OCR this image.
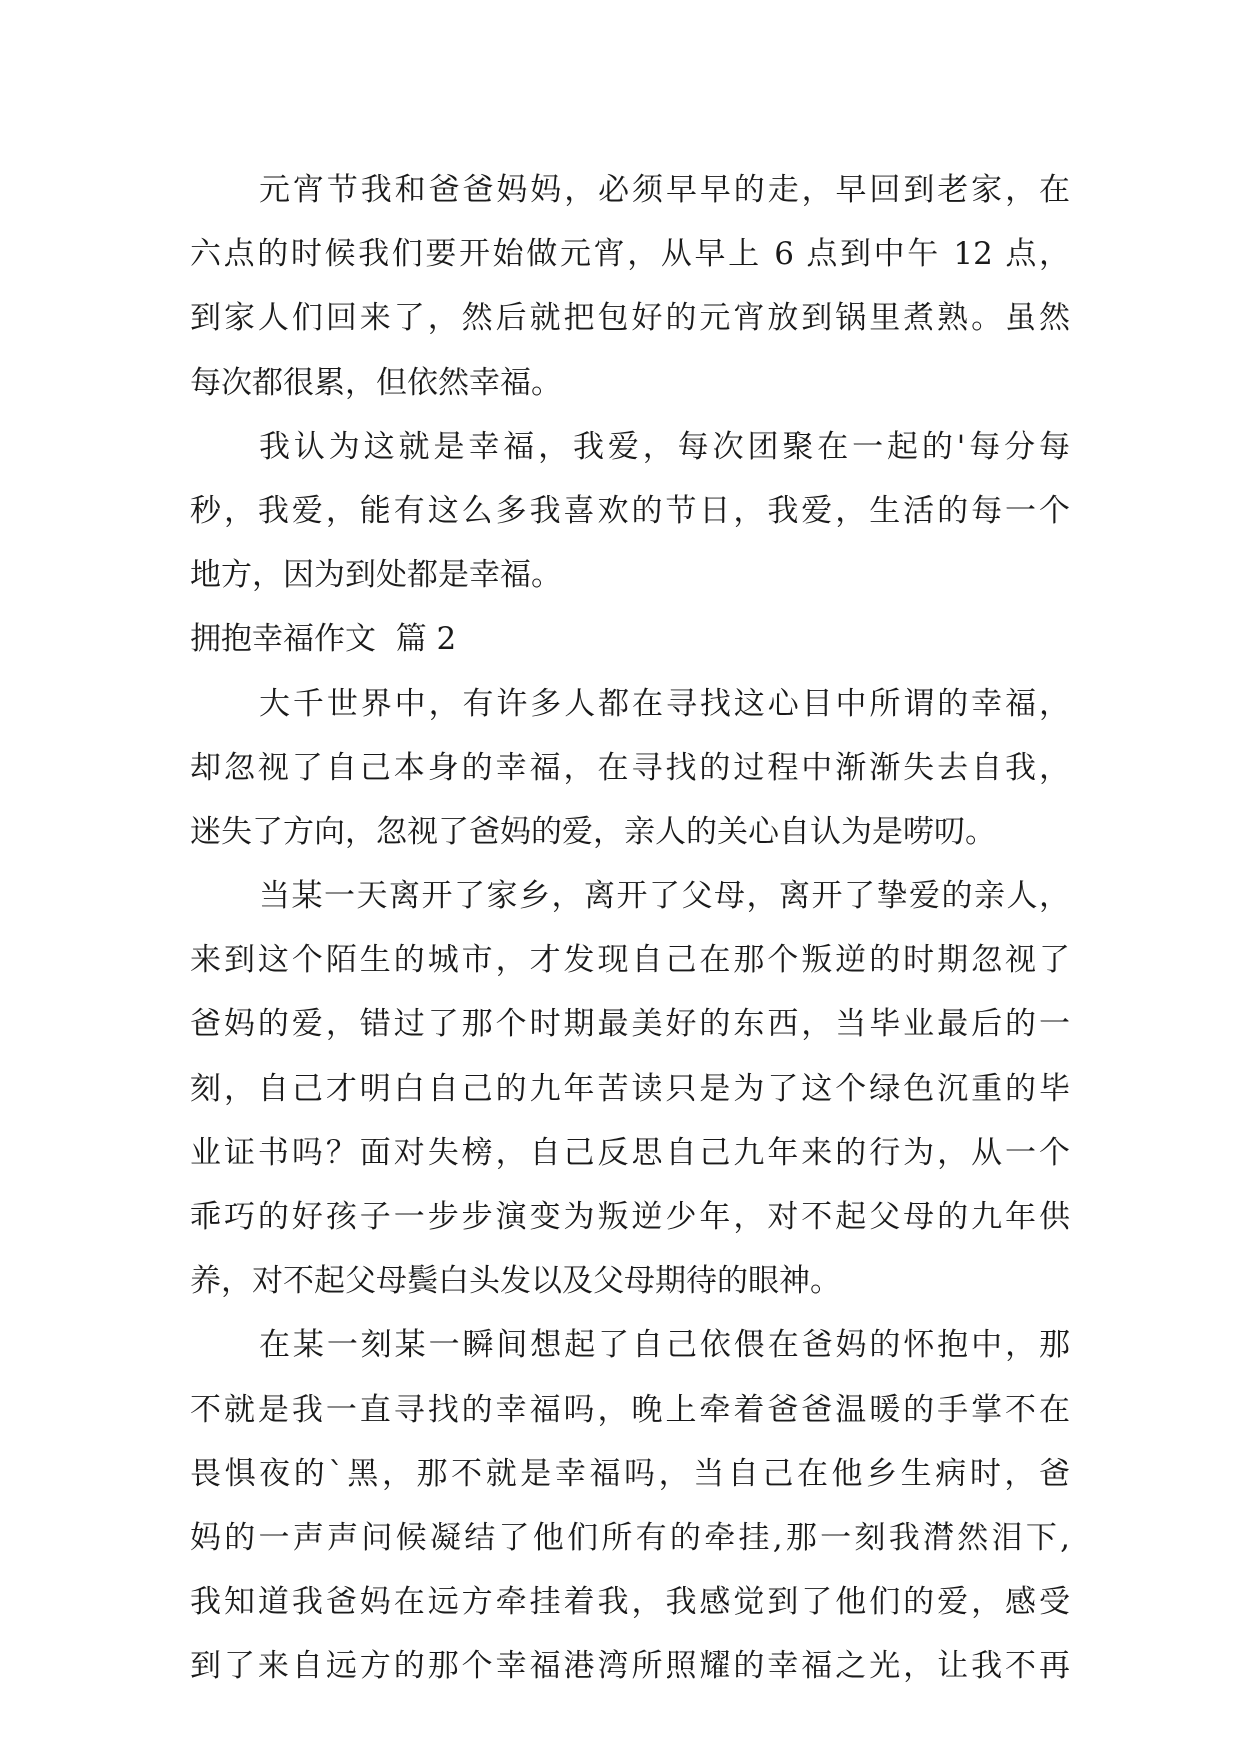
元宵节我和爸爸妈妈，必须早早的走，早回到老家，在
六点的时候我们要开始做元宵，从早上 6 点到中午 12 点，
到家人们回来了，然后就把包好的元宵放到锅里煮熟。虽然
每次都很累，但依然幸福。
我认为这就是幸福，我爱，每次团聚在一起的'每分每
秒，我爱，能有这么多我喜欢的节日，我爱，生活的每一个
地方，因为到处都是幸福。
拥抱幸福作文  篇 2
大千世界中，有许多人都在寻找这心目中所谓的幸福，
却忽视了自己本身的幸福，在寻找的过程中渐渐失去自我，
迷失了方向，忽视了爸妈的爱，亲人的关心自认为是唠叨。
当某一天离开了家乡，离开了父母，离开了挚爱的亲人，
来到这个陌生的城市，才发现自己在那个叛逆的时期忽视了
爸妈的爱，错过了那个时期最美好的东西，当毕业最后的一
刻，自己才明白自己的九年苦读只是为了这个绿色沉重的毕
业证书吗？面对失榜，自己反思自己九年来的行为，从一个
乖巧的好孩子一步步演变为叛逆少年，对不起父母的九年供
养，对不起父母鬓白头发以及父母期待的眼神。
在某一刻某一瞬间想起了自己依偎在爸妈的怀抱中，那
不就是我一直寻找的幸福吗，晚上牵着爸爸温暖的手掌不在
畏惧夜的`黑，那不就是幸福吗，当自己在他乡生病时，爸
妈的一声声问候凝结了他们所有的牵挂,那一刻我潸然泪下,
我知道我爸妈在远方牵挂着我，我感觉到了他们的爱，感受
到了来自远方的那个幸福港湾所照耀的幸福之光，让我不再
